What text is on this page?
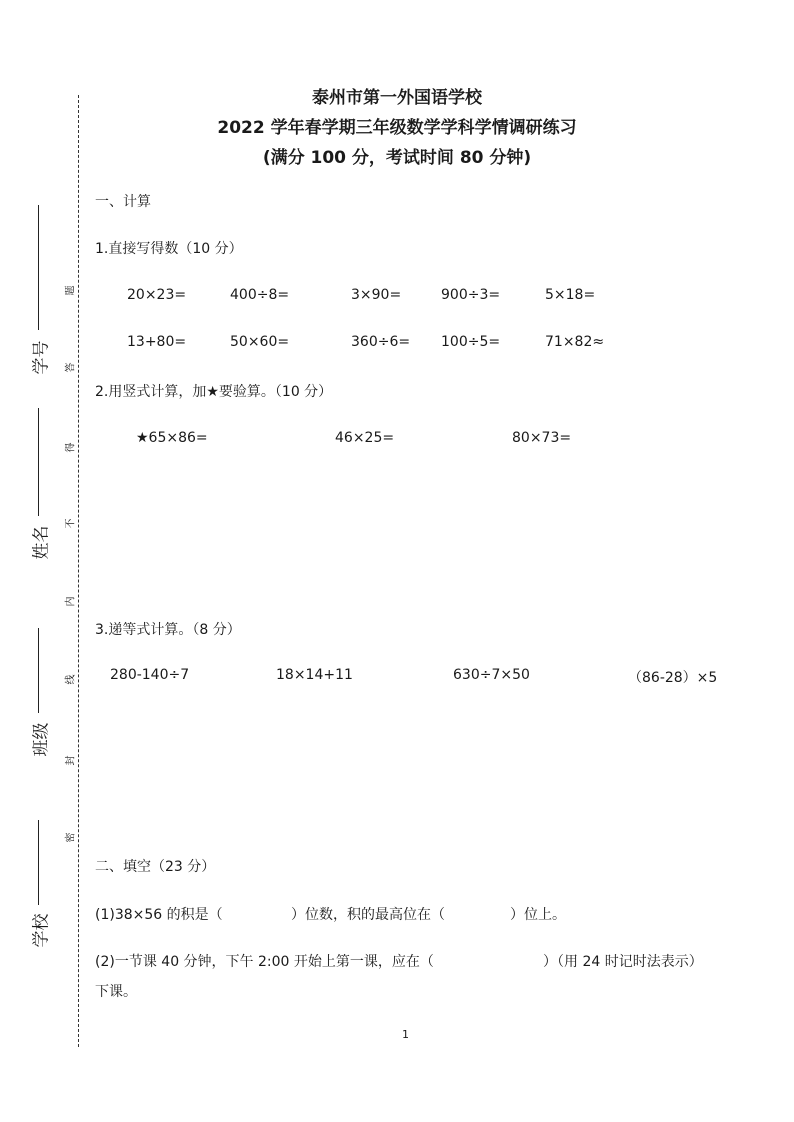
题
答
得
不
内
线
封
密
学号
姓名
班级
学校
泰州市第一外国语学校
2022 学年春学期三年级数学学科学情调研练习
(满分 100 分，考试时间 80 分钟)
一、计算
1.直接写得数（10 分）
20×23=	400÷8=	3×90=	900÷3=	5×18=
13+80=	50×60=	360÷6= 100÷5=	71×82≈
2.用竖式计算，加★要验算。（10 分）
★65×86=	46×25=	80×73=
3.递等式计算。（8 分）
280-140÷7	18×14+11	630÷7×50	（86-28）×5
二、填空（23 分）
(1)38×56 的积是（	）位数，积的最高位在（	）位上。
(2)一节课 40 分钟，下午 2:00 开始上第一课，应在（	）（用 24 时记时法表示）
下课。
1
